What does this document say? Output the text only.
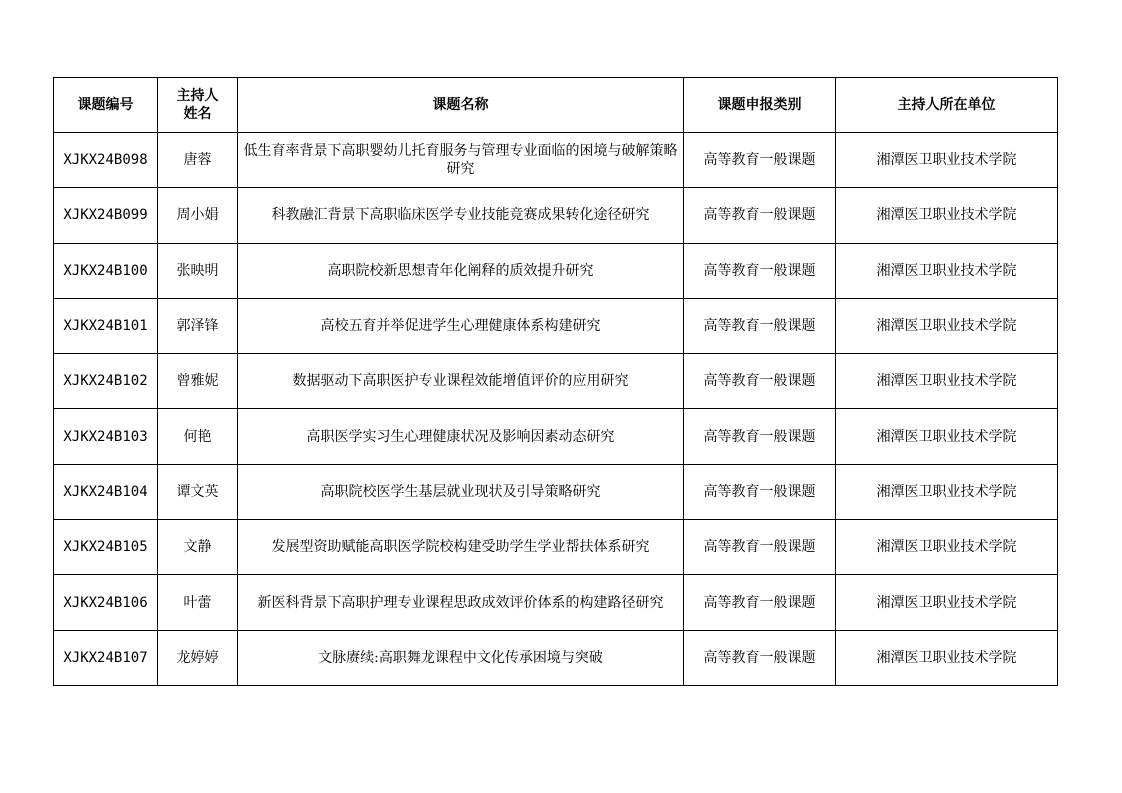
课题编号	主持人姓名	课题名称	课题申报类别	主持人所在单位
XJKX24B098	唐蓉	低生育率背景下高职婴幼儿托育服务与管理专业面临的困境与破解策略研究	高等教育一般课题	湘潭医卫职业技术学院
XJKX24B099	周小娟	科教融汇背景下高职临床医学专业技能竞赛成果转化途径研究	高等教育一般课题	湘潭医卫职业技术学院
XJKX24B100	张映明	高职院校新思想青年化阐释的质效提升研究	高等教育一般课题	湘潭医卫职业技术学院
XJKX24B101	郭泽锋	高校五育并举促进学生心理健康体系构建研究	高等教育一般课题	湘潭医卫职业技术学院
XJKX24B102	曾雅妮	数据驱动下高职医护专业课程效能增值评价的应用研究	高等教育一般课题	湘潭医卫职业技术学院
XJKX24B103	何艳	高职医学实习生心理健康状况及影响因素动态研究	高等教育一般课题	湘潭医卫职业技术学院
XJKX24B104	谭文英	高职院校医学生基层就业现状及引导策略研究	高等教育一般课题	湘潭医卫职业技术学院
XJKX24B105	文静	发展型资助赋能高职医学院校构建受助学生学业帮扶体系研究	高等教育一般课题	湘潭医卫职业技术学院
XJKX24B106	叶蕾	新医科背景下高职护理专业课程思政成效评价体系的构建路径研究	高等教育一般课题	湘潭医卫职业技术学院
XJKX24B107	龙婷婷	文脉赓续:高职舞龙课程中文化传承困境与突破	高等教育一般课题	湘潭医卫职业技术学院
